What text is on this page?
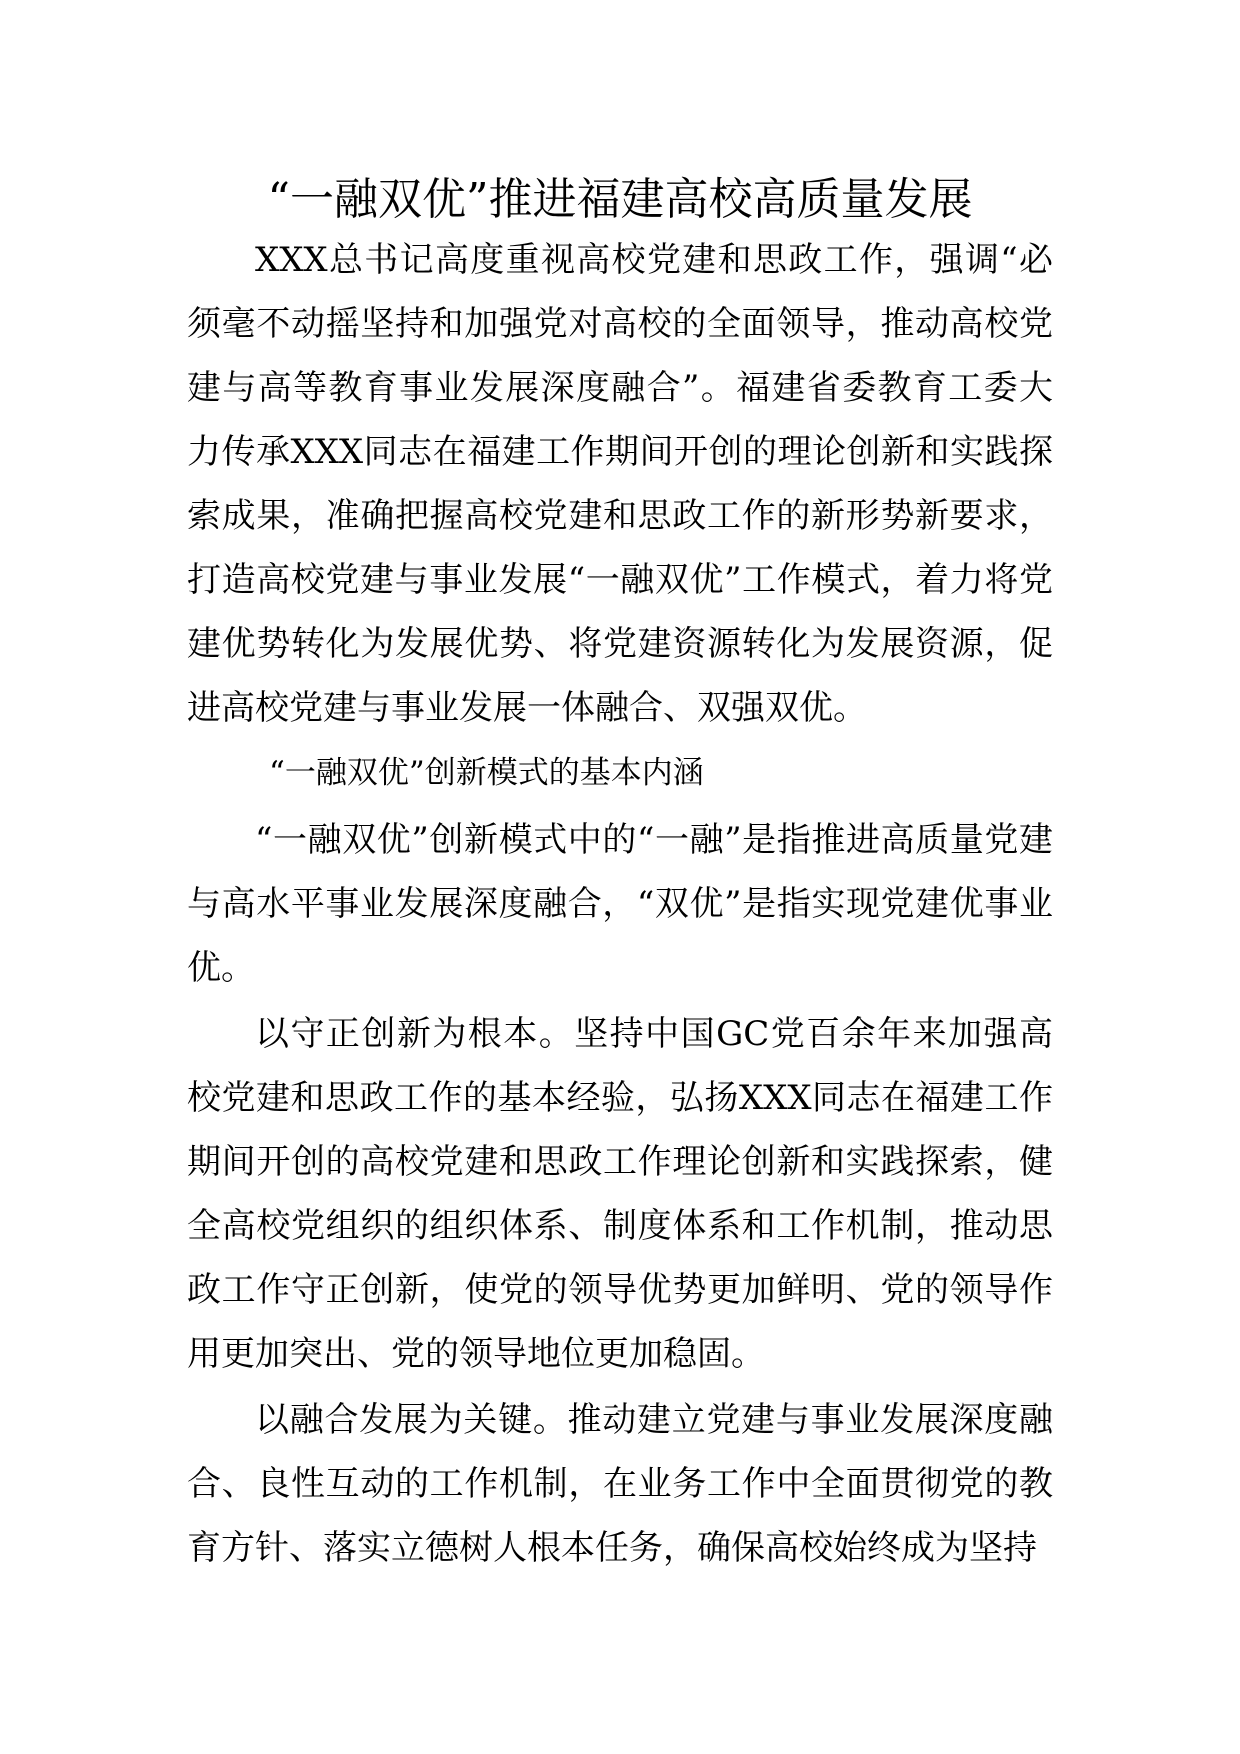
“一融双优”推进福建高校高质量发展

XXX总书记高度重视高校党建和思政工作，强调“必须毫不动摇坚持和加强党对高校的全面领导，推动高校党建与高等教育事业发展深度融合”。福建省委教育工委大力传承XXX同志在福建工作期间开创的理论创新和实践探索成果，准确把握高校党建和思政工作的新形势新要求，打造高校党建与事业发展“一融双优”工作模式，着力将党建优势转化为发展优势、将党建资源转化为发展资源，促进高校党建与事业发展一体融合、双强双优。

“一融双优”创新模式的基本内涵

“一融双优”创新模式中的“一融”是指推进高质量党建与高水平事业发展深度融合，“双优”是指实现党建优事业优。

以守正创新为根本。坚持中国GC党百余年来加强高校党建和思政工作的基本经验，弘扬XXX同志在福建工作期间开创的高校党建和思政工作理论创新和实践探索，健全高校党组织的组织体系、制度体系和工作机制，推动思政工作守正创新，使党的领导优势更加鲜明、党的领导作用更加突出、党的领导地位更加稳固。

以融合发展为关键。推动建立党建与事业发展深度融合、良性互动的工作机制，在业务工作中全面贯彻党的教育方针、落实立德树人根本任务，确保高校始终成为坚持
